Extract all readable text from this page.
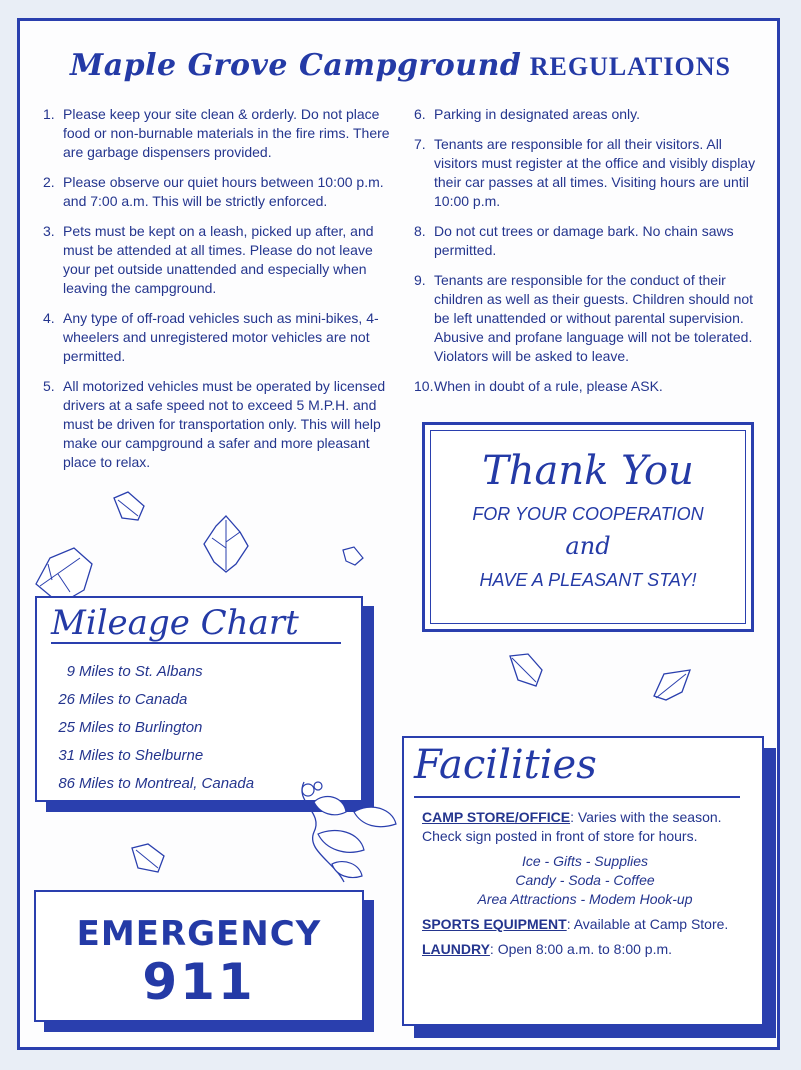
Maple Grove Campground REGULATIONS
1. Please keep your site clean & orderly. Do not place food or non-burnable materials in the fire rims. There are garbage dispensers provided.
2. Please observe our quiet hours between 10:00 p.m. and 7:00 a.m. This will be strictly enforced.
3. Pets must be kept on a leash, picked up after, and must be attended at all times. Please do not leave your pet outside unattended and especially when leaving the campground.
4. Any type of off-road vehicles such as mini-bikes, 4-wheelers and unregistered motor vehicles are not permitted.
5. All motorized vehicles must be operated by licensed drivers at a safe speed not to exceed 5 M.P.H. and must be driven for transportation only. This will help make our campground a safer and more pleasant place to relax.
6. Parking in designated areas only.
7. Tenants are responsible for all their visitors. All visitors must register at the office and visibly display their car passes at all times. Visiting hours are until 10:00 p.m.
8. Do not cut trees or damage bark. No chain saws permitted.
9. Tenants are responsible for the conduct of their children as well as their guests. Children should not be left unattended or without parental supervision. Abusive and profane language will not be tolerated. Violators will be asked to leave.
10. When in doubt of a rule, please ASK.
Thank You
FOR YOUR COOPERATION
and
HAVE A PLEASANT STAY!
Mileage Chart
9 Miles to St. Albans
26 Miles to Canada
25 Miles to Burlington
31 Miles to Shelburne
86 Miles to Montreal, Canada
EMERGENCY
911
Facilities
CAMP STORE/OFFICE: Varies with the season. Check sign posted in front of store for hours.
Ice - Gifts - Supplies
Candy - Soda - Coffee
Area Attractions - Modem Hook-up
SPORTS EQUIPMENT: Available at Camp Store.
LAUNDRY: Open 8:00 a.m. to 8:00 p.m.
